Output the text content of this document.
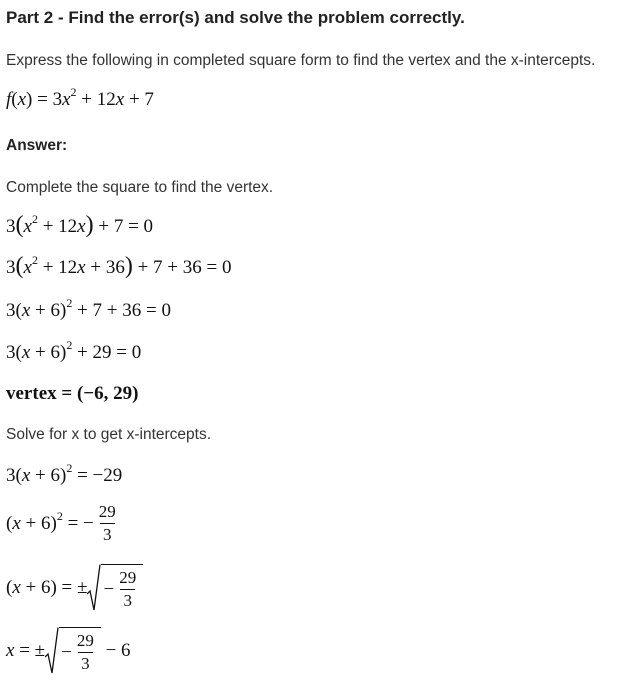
Part 2 - Find the error(s) and solve the problem correctly.
Express the following in completed square form to find the vertex and the x-intercepts.
$f(x) = 3x^2 + 12x + 7$
Answer:
Complete the square to find the vertex.
$3(x^2 + 12x) + 7 = 0$
$3(x^2 + 12x + 36) + 7 + 36 = 0$
$3(x + 6)^2 + 7 + 36 = 0$
$3(x + 6)^2 + 29 = 0$
vertex = (−6, 29)
Solve for x to get x-intercepts.
$3(x + 6)^2 = -29$
$(x + 6)^2$ = − $\frac{29}{3}$
(x + 6) = ± − $\frac{29}{3}$
x = ± − $\frac{29}{3} - 6$
